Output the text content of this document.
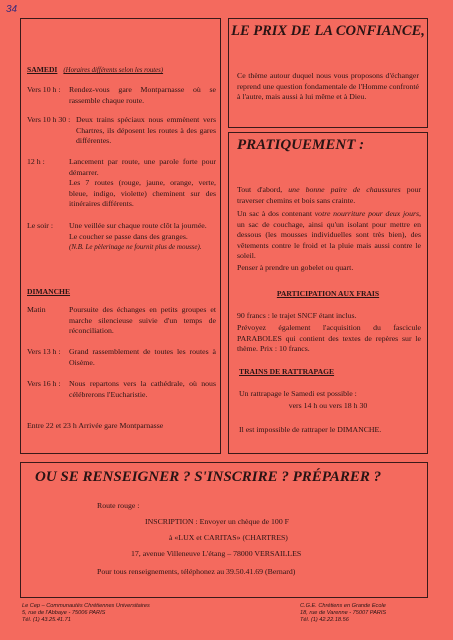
34
SAMEDI (Horaires différents selon les routes)
Vers 10 h :	Rendez-vous gare Montparnasse où se rassemble chaque route.
Vers 10 h 30 : Deux trains spéciaux nous emmènent vers Chartres, ils déposent les routes à des gares différentes.
12 h :	Lancement par route, une parole forte pour démarrer.
Les 7 routes (rouge, jaune, orange, verte, bleue, indigo, violette) cheminent sur des itinéraires différents.
Le soir :	Une veillée sur chaque route clôt la journée.
Le coucher se passe dans des granges.
(N.B. Le pèlerinage ne fournit plus de mousse).
DIMANCHE
Matin	Poursuite des échanges en petits groupes et marche silencieuse suivie d'un temps de réconciliation.
Vers 13 h :	Grand rassemblement de toutes les routes à Oisème.
Vers 16 h :	Nous repartons vers la cathédrale, où nous célébrerons l'Eucharistie.
Entre 22 et 23 h Arrivée gare Montparnasse
LE PRIX DE LA CONFIANCE,
Ce thème autour duquel nous vous proposons d'échanger reprend une question fondamentale de l'Homme confronté à l'autre, mais aussi à lui même et à Dieu.
PRATIQUEMENT :
Tout d'abord, une bonne paire de chaussures pour traverser chemins et bois sans crainte.
Un sac à dos contenant votre nourriture pour deux jours, un sac de couchage, ainsi qu'un isolant pour mettre en dessous (les mousses individuelles sont très bien), des vêtements contre le froid et la pluie mais aussi contre le soleil.
Penser à prendre un gobelet ou quart.
PARTICIPATION AUX FRAIS
90 francs : le trajet SNCF étant inclus.
Prévoyez également l'acquisition du fascicule PARABOLES qui contient des textes de repères sur le thème. Prix : 10 francs.
TRAINS DE RATTRAPAGE
Un rattrapage le Samedi est possible :
vers 14 h ou vers 18 h 30
Il est impossible de rattraper le DIMANCHE.
OU SE RENSEIGNER ? S'INSCRIRE ? PRÉPARER ?
Route rouge :
INSCRIPTION : Envoyer un chèque de 100 F
à «LUX et CARITAS» (CHARTRES)
17, avenue Villeneuve L'étang – 78000 VERSAILLES
Pour tous renseignements, téléphonez au 39.50.41.69 (Bernard)
Le Cep – Communautés Chrétiennes Universitaires
5, rue de l'Abbaye - 75006 PARIS
Tél. (1) 43.25.41.71
C.G.E. Chrétiens en Grande Ecole
18, rue de Varenne - 75007 PARIS
Tél. (1) 42.22.18.56
